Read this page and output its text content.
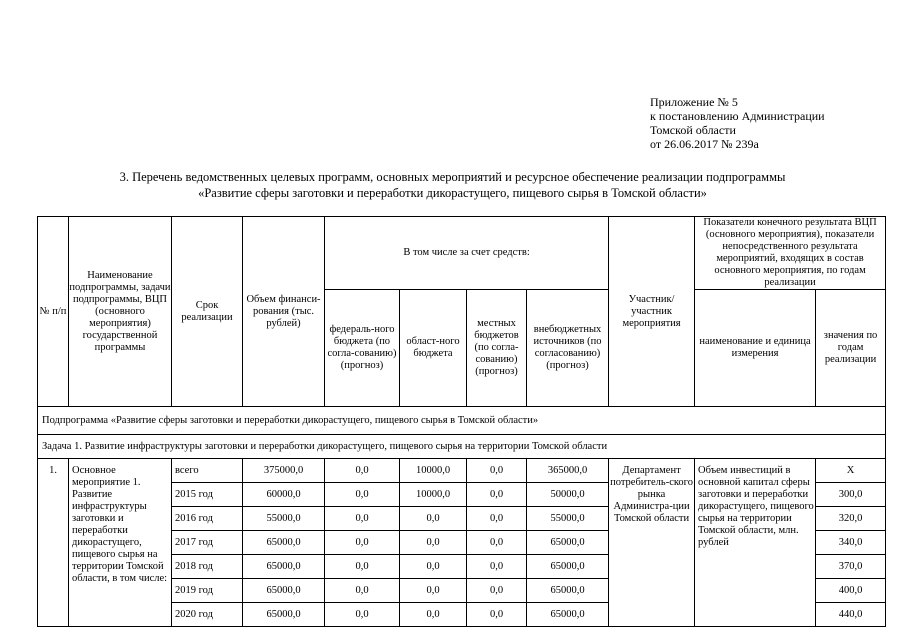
Приложение № 5
к постановлению Администрации
Томской области
от 26.06.2017 № 239а
3. Перечень ведомственных целевых программ, основных мероприятий и ресурсное обеспечение реализации подпрограммы
«Развитие сферы заготовки и переработки дикорастущего, пищевого сырья в Томской области»
№ п/п	Наименование подпрограммы, задачи подпрограммы, ВЦП (основного мероприятия) государственной программы	Срок реализации	Объем финанси-рования (тыс. рублей)	В том числе за счет средств:				Участник/ участник мероприятия	Показатели конечного результата ВЦП (основного мероприятия), показатели непосредственного результата мероприятий, входящих в состав основного мероприятия, по годам реализации	
				федераль-ного бюджета (по согла-сованию) (прогноз)	област-ного бюджета	местных бюджетов (по согла-сованию) (прогноз)	внебюджетных источников (по согласованию) (прогноз)		наименование и единица измерения	значения по годам реализации
Подпрограмма «Развитие сферы заготовки и переработки дикорастущего, пищевого сырья в Томской области»										
Задача 1. Развитие инфраструктуры заготовки и переработки дикорастущего, пищевого сырья на территории Томской области										
1.	Основное мероприятие 1. Развитие инфраструктуры заготовки и переработки дикорастущего, пищевого сырья на территории Томской области, в том числе:	всего	375000,0	0,0	10000,0	0,0	365000,0	Департамент потребитель-ского рынка Администра-ции Томской области	Объем инвестиций в основной капитал сферы заготовки и переработки дикорастущего, пищевого сырья на территории Томской области, млн. рублей	X
		2015 год	60000,0	0,0	10000,0	0,0	50000,0			300,0
		2016 год	55000,0	0,0	0,0	0,0	55000,0			320,0
		2017 год	65000,0	0,0	0,0	0,0	65000,0			340,0
		2018 год	65000,0	0,0	0,0	0,0	65000,0			370,0
		2019 год	65000,0	0,0	0,0	0,0	65000,0			400,0
		2020 год	65000,0	0,0	0,0	0,0	65000,0			440,0
